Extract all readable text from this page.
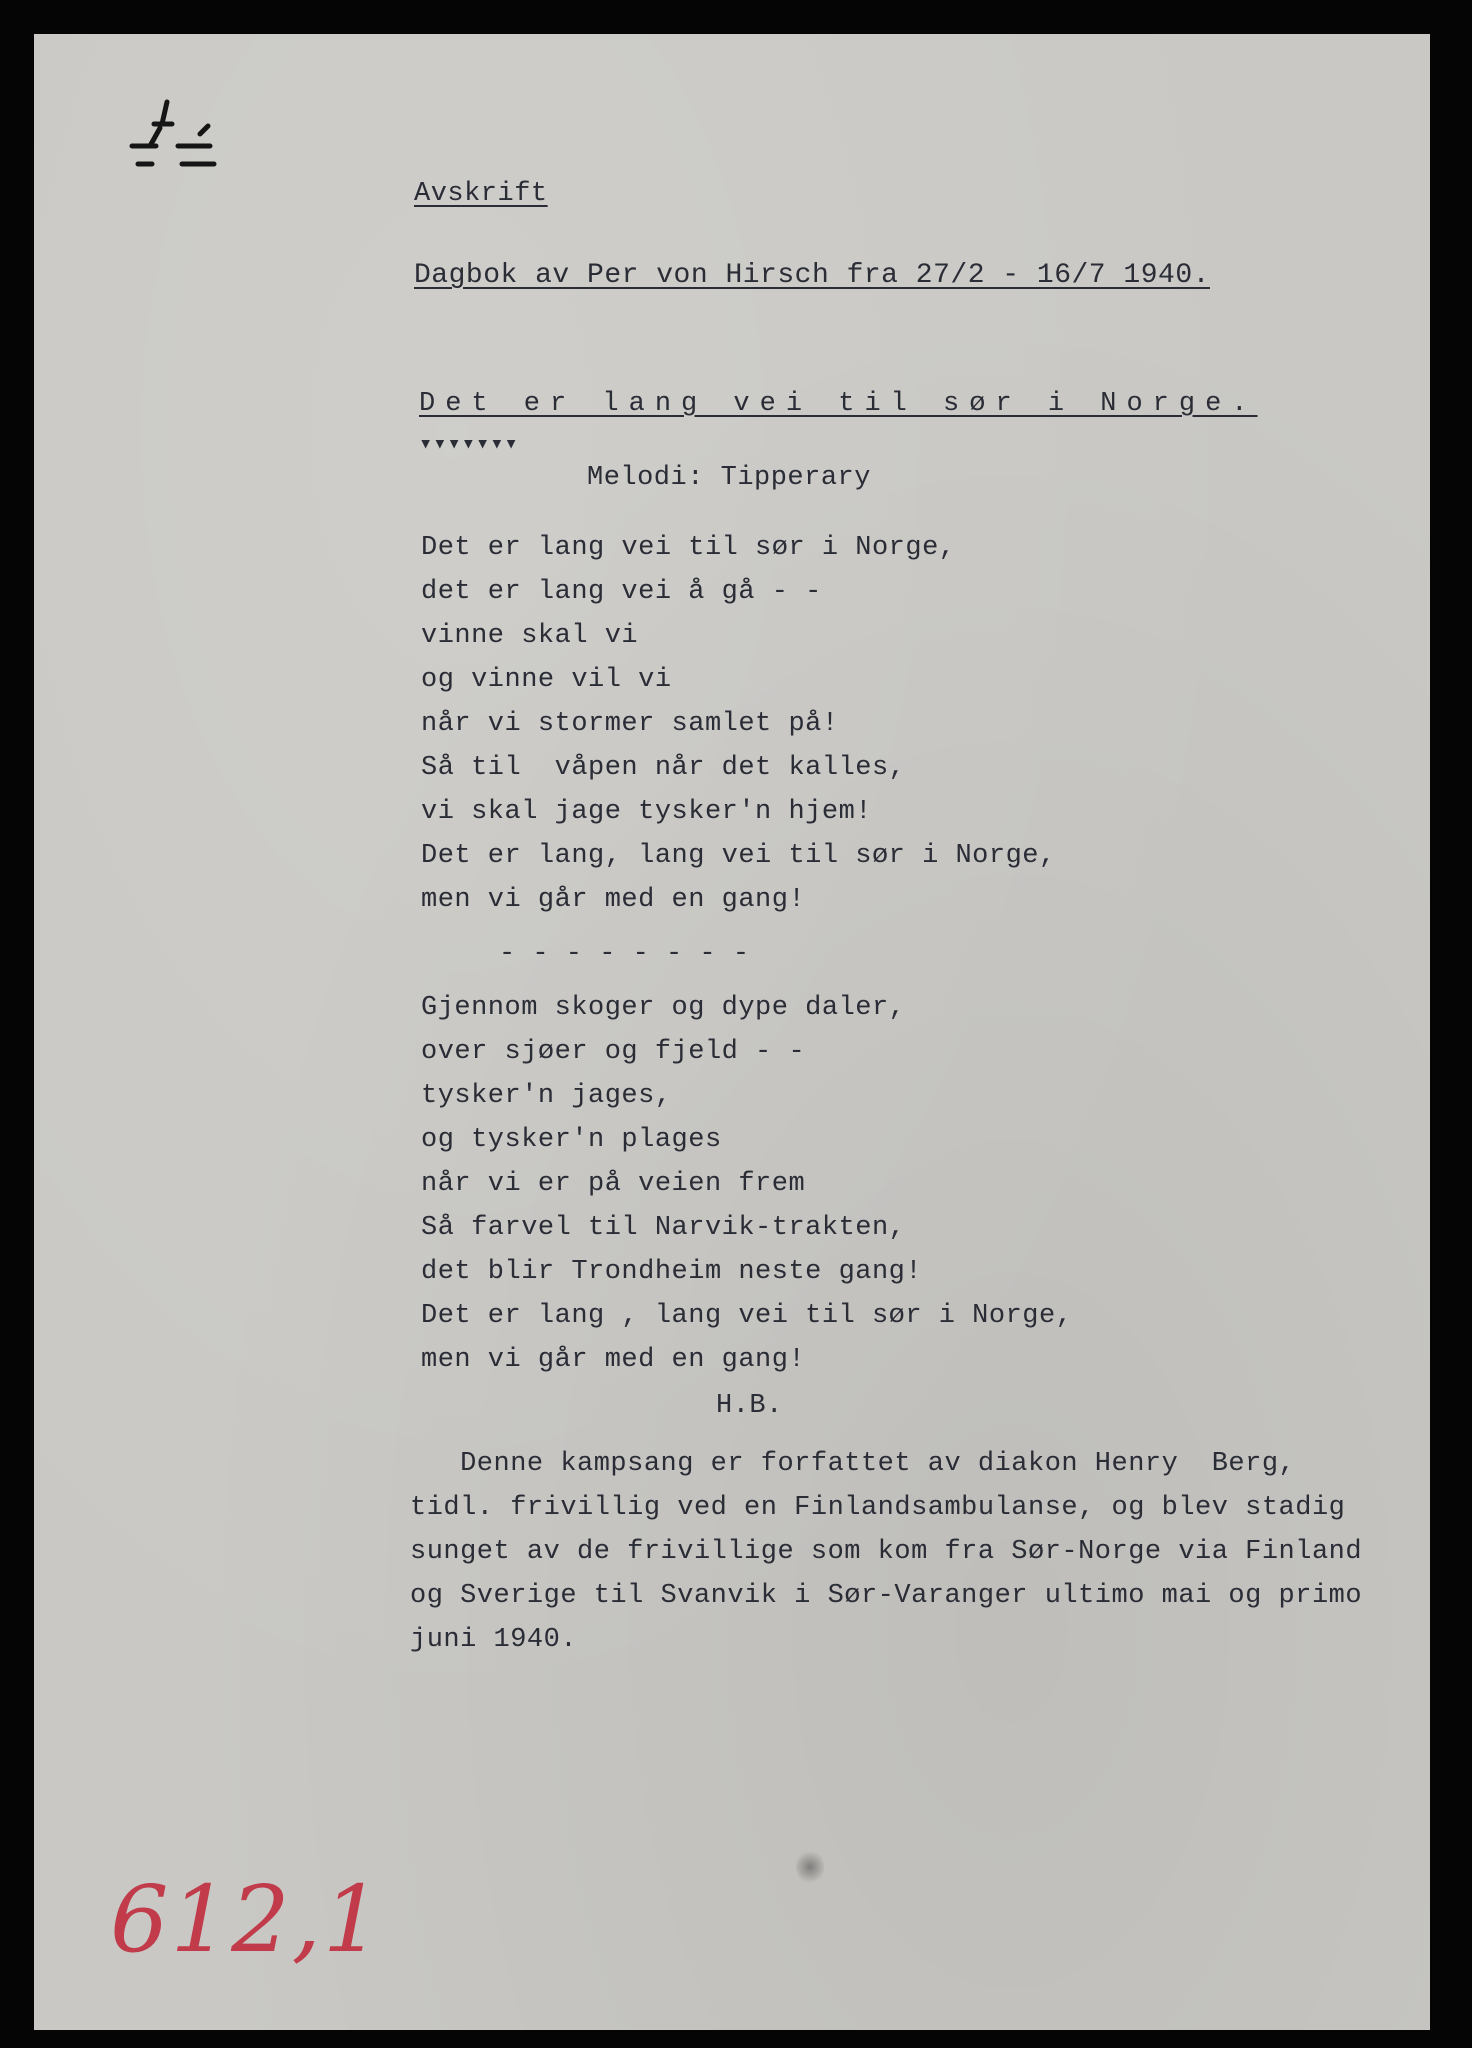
Avskrift

Dagbok av Per von Hirsch fra 27/2 - 16/7 1940.

Det er lang vei til sør i Norge.

▾▾▾▾▾▾▾

Melodi: Tipperary

Det er lang vei til sør i Norge,

det er lang vei å gå - -

vinne skal vi

og vinne vil vi

når vi stormer samlet på!

Så til  våpen når det kalles,

vi skal jage tysker'n hjem!

Det er lang, lang vei til sør i Norge,

men vi går med en gang!

- - - - - - - -

Gjennom skoger og dype daler,

over sjøer og fjeld - -

tysker'n jages,

og tysker'n plages

når vi er på veien frem

Så farvel til Narvik-trakten,

det blir Trondheim neste gang!

Det er lang , lang vei til sør i Norge,

men vi går med en gang!

H.B.

Denne kampsang er forfattet av diakon Henry  Berg,

tidl. frivillig ved en Finlandsambulanse, og blev stadig

sunget av de frivillige som kom fra Sør-Norge via Finland

og Sverige til Svanvik i Sør-Varanger ultimo mai og primo

juni 1940.

612,1
